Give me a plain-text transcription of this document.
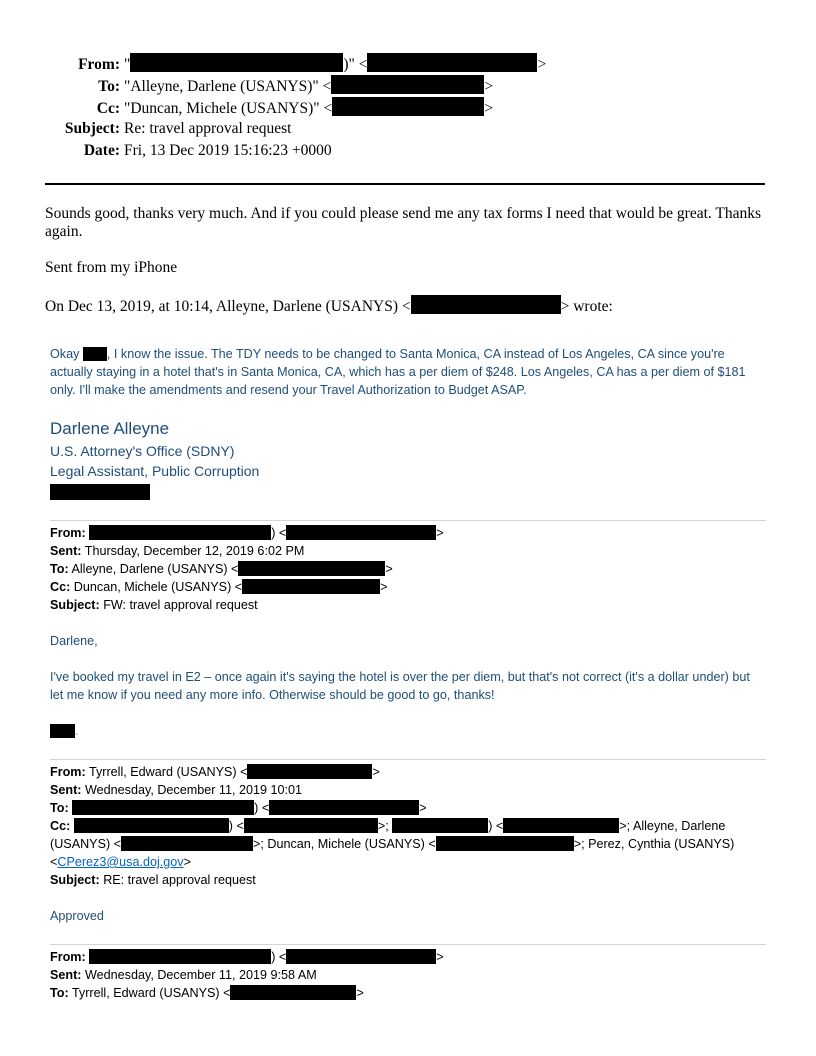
From: "	)" <	>
To: "Alleyne, Darlene (USANYS)" <	>
Cc: "Duncan, Michele (USANYS)" <	>
Subject: Re: travel approval request
Date: Fri, 13 Dec 2019 15:16:23 +0000
Sounds good, thanks very much. And if you could please send me any tax forms I need that would be great. Thanks again.
Sent from my iPhone
On Dec 13, 2019, at 10:14, Alleyne, Darlene (USANYS) <	> wrote:
Okay , I know the issue. The TDY needs to be changed to Santa Monica, CA instead of Los Angeles, CA since you're actually staying in a hotel that's in Santa Monica, CA, which has a per diem of $248. Los Angeles, CA has a per diem of $181 only. I'll make the amendments and resend your Travel Authorization to Budget ASAP.
Darlene Alleyne
U.S. Attorney's Office (SDNY)
Legal Assistant, Public Corruption
From:	) <	>
Sent: Thursday, December 12, 2019 6:02 PM
To: Alleyne, Darlene (USANYS) <	>
Cc: Duncan, Michele (USANYS) <	>
Subject: FW: travel approval request
Darlene,
I've booked my travel in E2 – once again it's saying the hotel is over the per diem, but that's not correct (it's a dollar under) but let me know if you need any more info. Otherwise should be good to go, thanks!
.
From: Tyrrell, Edward (USANYS) <	>
Sent: Wednesday, December 11, 2019 10:01
To:	) <	>
Cc:	) <	>;	) <	>; Alleyne, Darlene
(USANYS) <	>; Duncan, Michele (USANYS) <	>; Perez, Cynthia (USANYS)
<CPerez3@usa.doj.gov>
Subject: RE: travel approval request
Approved
From:	) <	>
Sent: Wednesday, December 11, 2019 9:58 AM
To: Tyrrell, Edward (USANYS) <	>
